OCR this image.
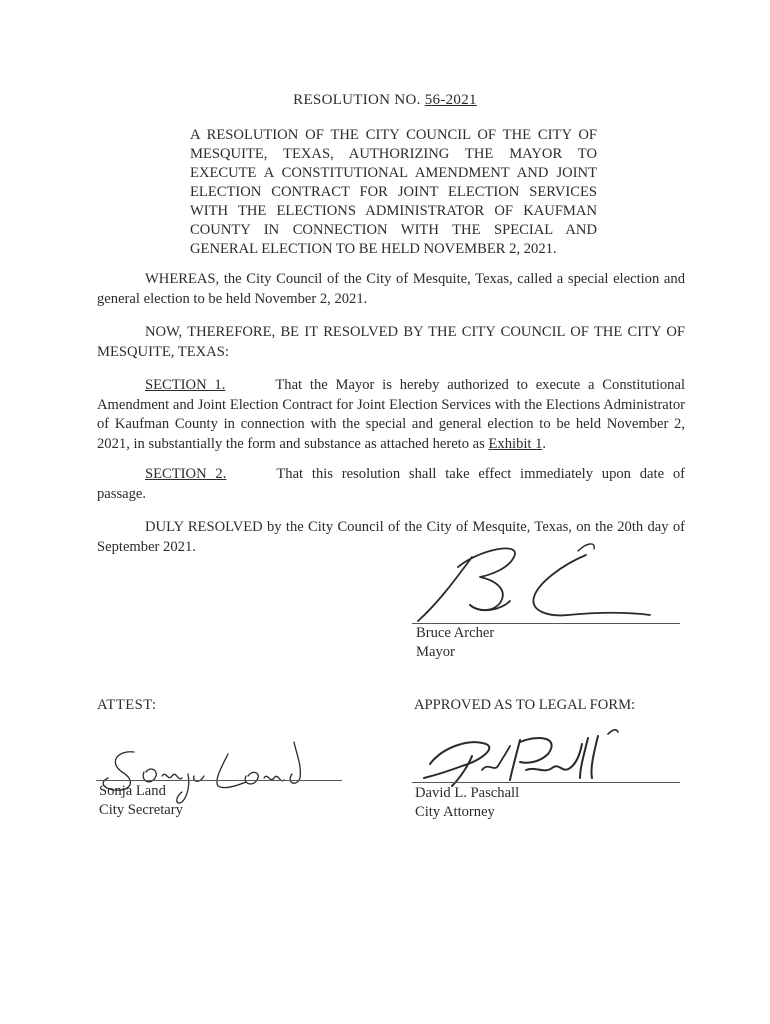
RESOLUTION NO. 56-2021
A RESOLUTION OF THE CITY COUNCIL OF THE CITY OF MESQUITE, TEXAS, AUTHORIZING THE MAYOR TO EXECUTE A CONSTITUTIONAL AMENDMENT AND JOINT ELECTION CONTRACT FOR JOINT ELECTION SERVICES WITH THE ELECTIONS ADMINISTRATOR OF KAUFMAN COUNTY IN CONNECTION WITH THE SPECIAL AND GENERAL ELECTION TO BE HELD NOVEMBER 2, 2021.
WHEREAS, the City Council of the City of Mesquite, Texas, called a special election and general election to be held November 2, 2021.
NOW, THEREFORE, BE IT RESOLVED BY THE CITY COUNCIL OF THE CITY OF MESQUITE, TEXAS:
SECTION 1.	That the Mayor is hereby authorized to execute a Constitutional Amendment and Joint Election Contract for Joint Election Services with the Elections Administrator of Kaufman County in connection with the special and general election to be held November 2, 2021, in substantially the form and substance as attached hereto as Exhibit 1.
SECTION 2.	That this resolution shall take effect immediately upon date of passage.
DULY RESOLVED by the City Council of the City of Mesquite, Texas, on the 20th day of September 2021.
Bruce Archer
Mayor
ATTEST:
Sonja Land
City Secretary
APPROVED AS TO LEGAL FORM:
David L. Paschall
City Attorney
